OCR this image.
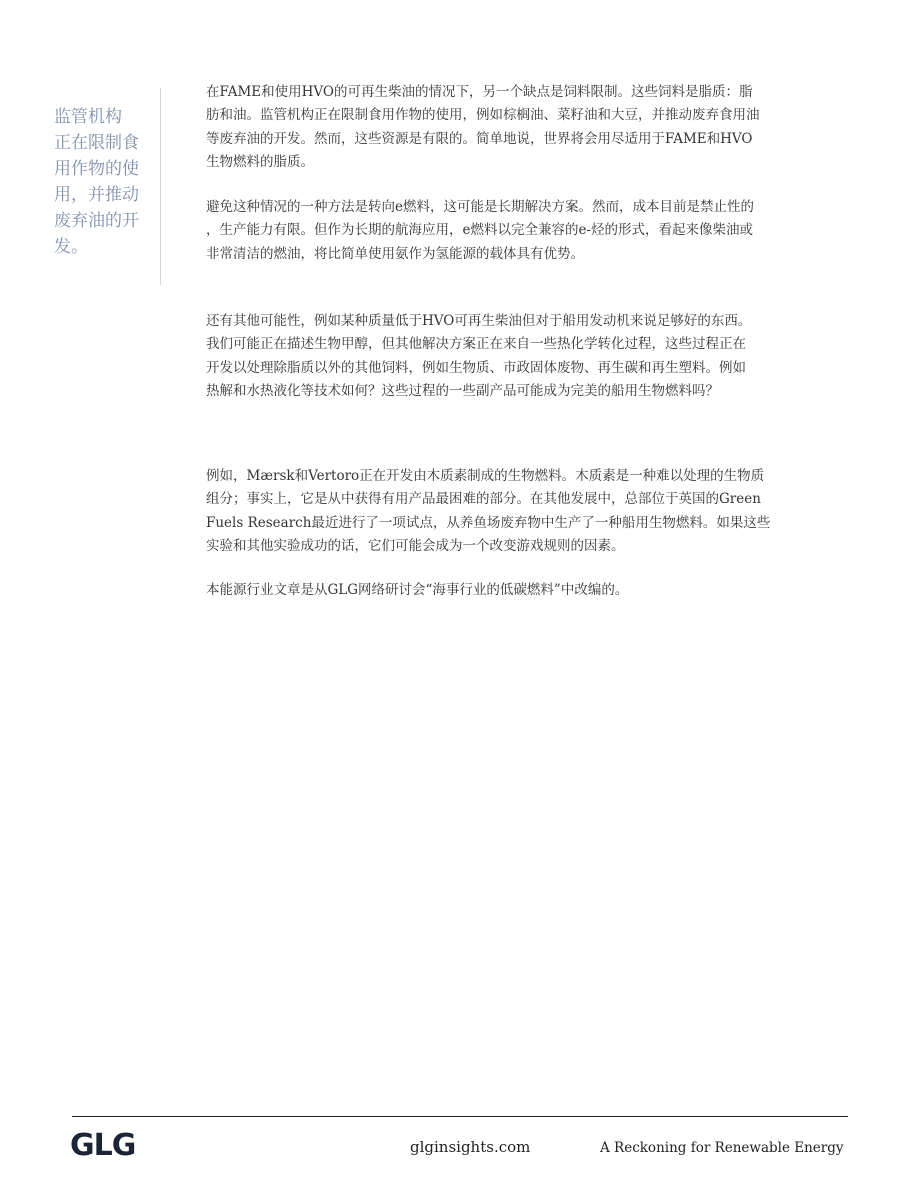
监管机构
正在限制食
用作物的使
用，并推动
废弃油的开
发。
在FAME和使用HVO的可再生柴油的情况下，另一个缺点是饲料限制。这些饲料是脂质：脂
肪和油。监管机构正在限制食用作物的使用，例如棕榈油、菜籽油和大豆，并推动废弃食用油
等废弃油的开发。然而，这些资源是有限的。简单地说，世界将会用尽适用于FAME和HVO
生物燃料的脂质。
避免这种情况的一种方法是转向e燃料，这可能是长期解决方案。然而，成本目前是禁止性的
，生产能力有限。但作为长期的航海应用，e燃料以完全兼容的e-烃的形式，看起来像柴油或
非常清洁的燃油，将比简单使用氨作为氢能源的载体具有优势。
还有其他可能性，例如某种质量低于HVO可再生柴油但对于船用发动机来说足够好的东西。
我们可能正在描述生物甲醇，但其他解决方案正在来自一些热化学转化过程，这些过程正在
开发以处理除脂质以外的其他饲料，例如生物质、市政固体废物、再生碳和再生塑料。例如
热解和水热液化等技术如何？这些过程的一些副产品可能成为完美的船用生物燃料吗？
例如，Mærsk和Vertoro正在开发由木质素制成的生物燃料。木质素是一种难以处理的生物质
组分；事实上，它是从中获得有用产品最困难的部分。在其他发展中，总部位于英国的Green
Fuels Research最近进行了一项试点，从养鱼场废弃物中生产了一种船用生物燃料。如果这些
实验和其他实验成功的话，它们可能会成为一个改变游戏规则的因素。
本能源行业文章是从GLG网络研讨会“海事行业的低碳燃料”中改编的。
GLG	glginsights.com	A Reckoning for Renewable Energy
